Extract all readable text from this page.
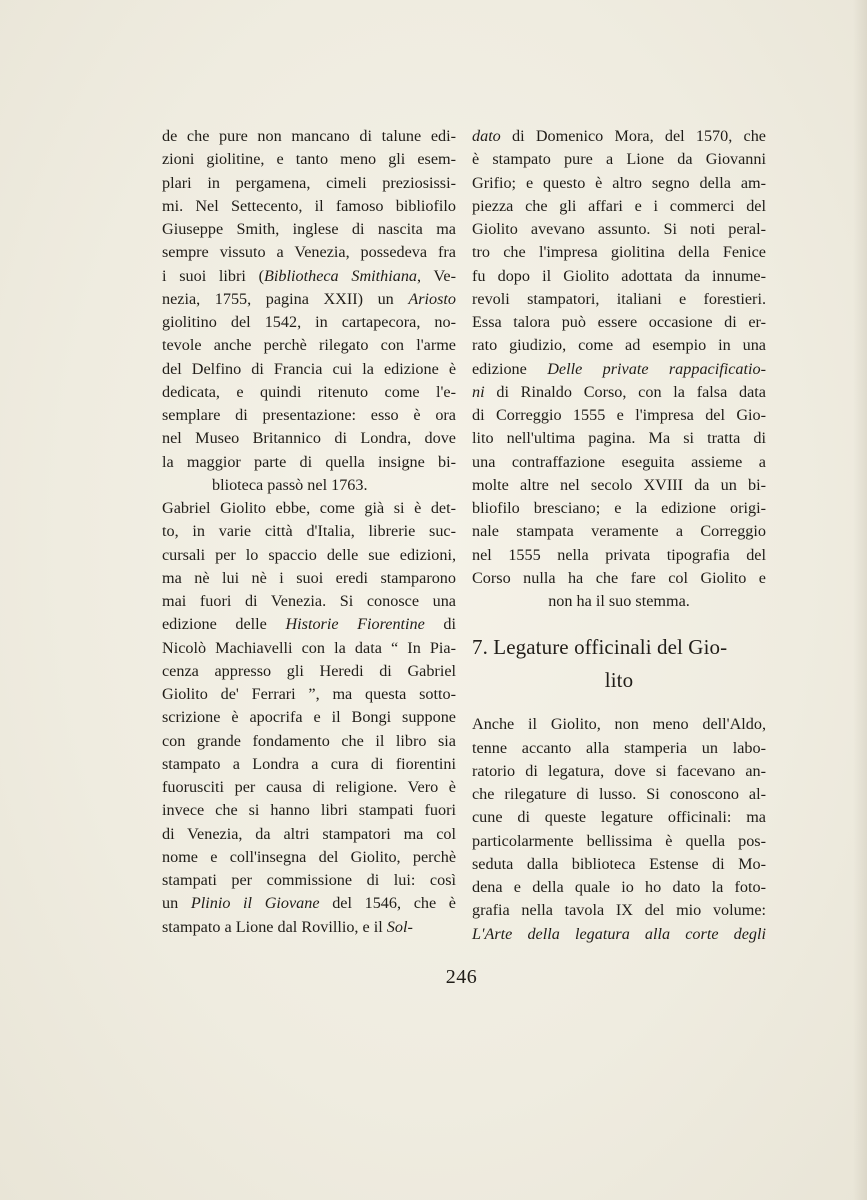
de che pure non mancano di talune edi-
zioni giolitine, e tanto meno gli esem-
plari in pergamena, cimeli preziosissi-
mi. Nel Settecento, il famoso bibliofilo
Giuseppe Smith, inglese di nascita ma
sempre vissuto a Venezia, possedeva fra
i suoi libri (Bibliotheca Smithiana, Ve-
nezia, 1755, pagina XXII) un Ariosto
giolitino del 1542, in cartapecora, no-
tevole anche perchè rilegato con l'arme
del Delfino di Francia cui la edizione è
dedicata, e quindi ritenuto come l'e-
semplare di presentazione: esso è ora
nel Museo Britannico di Londra, dove
la maggior parte di quella insigne bi-
blioteca passò nel 1763.
Gabriel Giolito ebbe, come già si è det-
to, in varie città d'Italia, librerie suc-
cursali per lo spaccio delle sue edizioni,
ma nè lui nè i suoi eredi stamparono
mai fuori di Venezia. Si conosce una
edizione delle Historie Fiorentine di
Nicolò Machiavelli con la data “ In Pia-
cenza appresso gli Heredi di Gabriel
Giolito de' Ferrari ”, ma questa sotto-
scrizione è apocrifa e il Bongi suppone
con grande fondamento che il libro sia
stampato a Londra a cura di fiorentini
fuorusciti per causa di religione. Vero è
invece che si hanno libri stampati fuori
di Venezia, da altri stampatori ma col
nome e coll'insegna del Giolito, perchè
stampati per commissione di lui: così
un Plinio il Giovane del 1546, che è
stampato a Lione dal Rovillio, e il Sol-
dato di Domenico Mora, del 1570, che
è stampato pure a Lione da Giovanni
Grifio; e questo è altro segno della am-
piezza che gli affari e i commerci del
Giolito avevano assunto. Si noti peral-
tro che l'impresa giolitina della Fenice
fu dopo il Giolito adottata da innume-
revoli stampatori, italiani e forestieri.
Essa talora può essere occasione di er-
rato giudizio, come ad esempio in una
edizione Delle private rappacificatio-
ni di Rinaldo Corso, con la falsa data
di Correggio 1555 e l'impresa del Gio-
lito nell'ultima pagina. Ma si tratta di
una contraffazione eseguita assieme a
molte altre nel secolo XVIII da un bi-
bliofilo bresciano; e la edizione origi-
nale stampata veramente a Correggio
nel 1555 nella privata tipografia del
Corso nulla ha che fare col Giolito e
non ha il suo stemma.
7. Legature officinali del Gio-
lito
Anche il Giolito, non meno dell'Aldo,
tenne accanto alla stamperia un labo-
ratorio di legatura, dove si facevano an-
che rilegature di lusso. Si conoscono al-
cune di queste legature officinali: ma
particolarmente bellissima è quella pos-
seduta dalla biblioteca Estense di Mo-
dena e della quale io ho dato la foto-
grafia nella tavola IX del mio volume:
L'Arte della legatura alla corte degli
246
